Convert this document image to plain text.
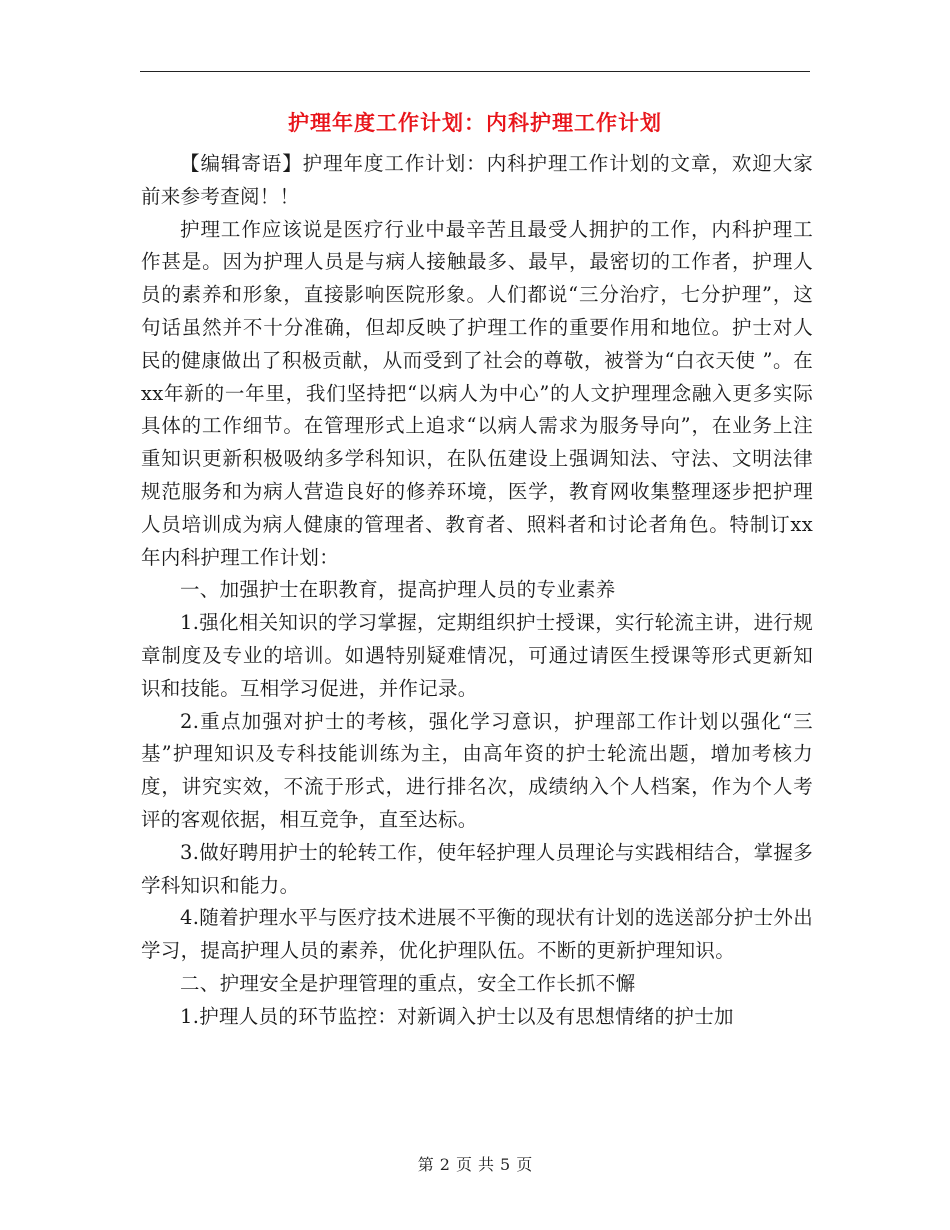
护理年度工作计划：内科护理工作计划

【编辑寄语】护理年度工作计划：内科护理工作计划的文章，欢迎大家前来参考查阅！！

护理工作应该说是医疗行业中最辛苦且最受人拥护的工作，内科护理工作甚是。因为护理人员是与病人接触最多、最早，最密切的工作者，护理人员的素养和形象，直接影响医院形象。人们都说“三分治疗，七分护理”，这句话虽然并不十分准确，但却反映了护理工作的重要作用和地位。护士对人民的健康做出了积极贡献，从而受到了社会的尊敬，被誉为“白衣天使 ”。在xx年新的一年里，我们坚持把“以病人为中心”的人文护理理念融入更多实际具体的工作细节。在管理形式上追求“以病人需求为服务导向”，在业务上注重知识更新积极吸纳多学科知识，在队伍建设上强调知法、守法、文明法律规范服务和为病人营造良好的修养环境，医学，教育网收集整理逐步把护理人员培训成为病人健康的管理者、教育者、照料者和讨论者角色。特制订xx年内科护理工作计划：

一、加强护士在职教育，提高护理人员的专业素养

1.强化相关知识的学习掌握，定期组织护士授课，实行轮流主讲，进行规章制度及专业的培训。如遇特别疑难情况，可通过请医生授课等形式更新知识和技能。互相学习促进，并作记录。

2.重点加强对护士的考核，强化学习意识，护理部工作计划以强化“三基”护理知识及专科技能训练为主，由高年资的护士轮流出题，增加考核力度，讲究实效，不流于形式，进行排名次，成绩纳入个人档案，作为个人考评的客观依据，相互竞争，直至达标。

3.做好聘用护士的轮转工作，使年轻护理人员理论与实践相结合，掌握多学科知识和能力。

4.随着护理水平与医疗技术进展不平衡的现状有计划的选送部分护士外出学习，提高护理人员的素养，优化护理队伍。不断的更新护理知识。

二、护理安全是护理管理的重点，安全工作长抓不懈

1.护理人员的环节监控：对新调入护士以及有思想情绪的护士加

第 2 页 共 5 页
